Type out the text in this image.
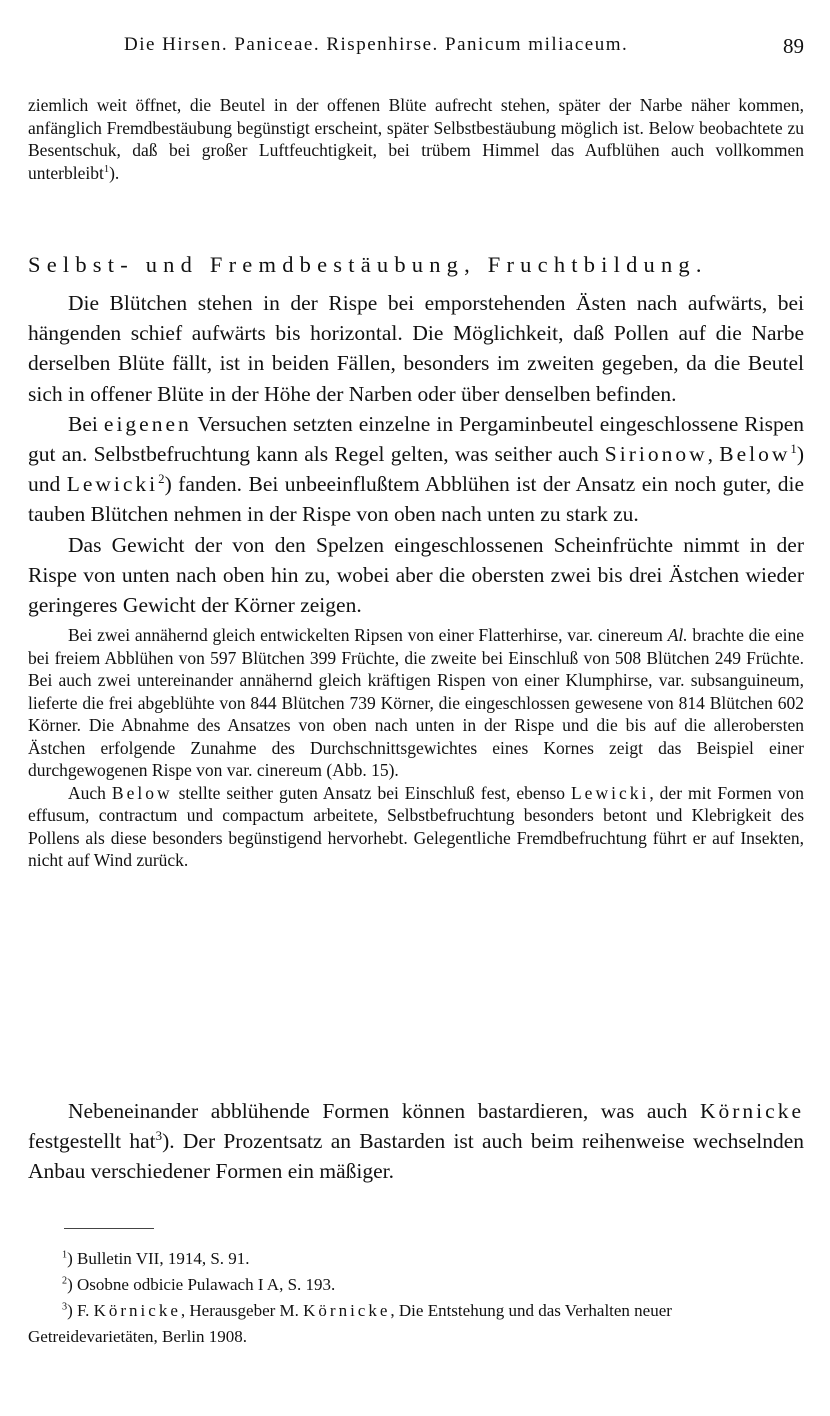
Die Hirsen. Paniceae. Rispenhirse. Panicum miliaceum.	89

ziemlich weit öffnet, die Beutel in der offenen Blüte aufrecht stehen, später der Narbe näher kommen, anfänglich Fremdbestäubung begünstigt erscheint, später Selbstbestäubung möglich ist. Below beobachtete zu Besentschuk, daß bei großer Luftfeuchtigkeit, bei trübem Himmel das Aufblühen auch vollkommen unterbleibt$^1$).

Selbst- und Fremdbestäubung, Fruchtbildung.

Die Blütchen stehen in der Rispe bei emporstehenden Ästen nach aufwärts, bei hängenden schief aufwärts bis horizontal. Die Möglichkeit, daß Pollen auf die Narbe derselben Blüte fällt, ist in beiden Fällen, besonders im zweiten gegeben, da die Beutel sich in offener Blüte in der Höhe der Narben oder über denselben befinden.

Bei eigenen Versuchen setzten einzelne in Pergaminbeutel eingeschlossene Rispen gut an. Selbstbefruchtung kann als Regel gelten, was seither auch Sirionow, Below$^1$) und Lewicki$^2$) fanden. Bei unbeeinflußtem Abblühen ist der Ansatz ein noch guter, die tauben Blütchen nehmen in der Rispe von oben nach unten zu stark zu.

Das Gewicht der von den Spelzen eingeschlossenen Scheinfrüchte nimmt in der Rispe von unten nach oben hin zu, wobei aber die obersten zwei bis drei Ästchen wieder geringeres Gewicht der Körner zeigen.

Bei zwei annähernd gleich entwickelten Ripsen von einer Flatterhirse, var. cinereum Al. brachte die eine bei freiem Abblühen von 597 Blütchen 399 Früchte, die zweite bei Einschluß von 508 Blütchen 249 Früchte. Bei auch zwei untereinander annähernd gleich kräftigen Rispen von einer Klumphirse, var. subsanguineum, lieferte die frei abgeblühte von 844 Blütchen 739 Körner, die eingeschlossen gewesene von 814 Blütchen 602 Körner. Die Abnahme des Ansatzes von oben nach unten in der Rispe und die bis auf die allerobersten Ästchen erfolgende Zunahme des Durchschnittsgewichtes eines Kornes zeigt das Beispiel einer durchgewogenen Rispe von var. cinereum (Abb. 15).

Auch Below stellte seither guten Ansatz bei Einschluß fest, ebenso Lewicki, der mit Formen von effusum, contractum und compactum arbeitete, Selbstbefruchtung besonders betont und Klebrigkeit des Pollens als diese besonders begünstigend hervorhebt. Gelegentliche Fremdbefruchtung führt er auf Insekten, nicht auf Wind zurück.

Nebeneinander abblühende Formen können bastardieren, was auch Körnicke festgestellt hat$^3$). Der Prozentsatz an Bastarden ist auch beim reihenweise wechselnden Anbau verschiedener Formen ein mäßiger.

$^1$) Bulletin VII, 1914, S. 91.

$^2$) Osobne odbicie Pulawach I A, S. 193.

$^3$) F. Körnicke, Herausgeber M. Körnicke, Die Entstehung und das Verhalten neuer Getreidevarietäten, Berlin 1908.
